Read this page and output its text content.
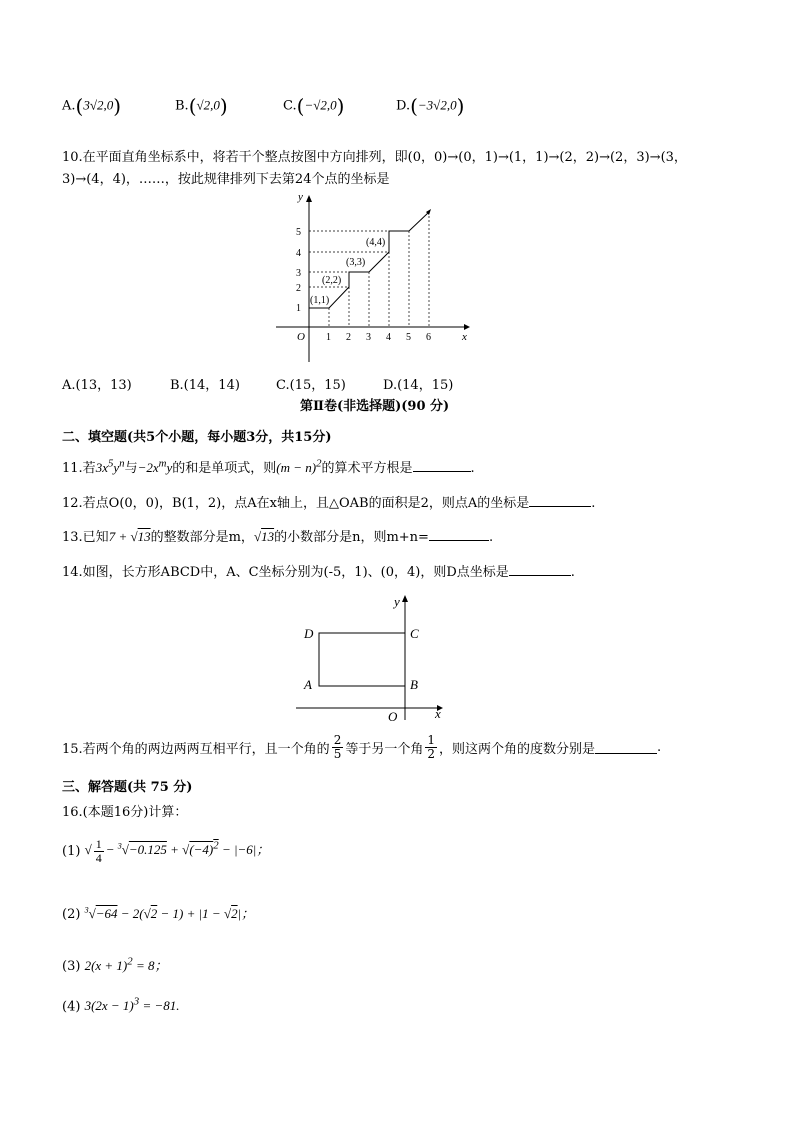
A.(3√2,0)	B.(√2,0)	C.(−√2,0)	D.(−3√2,0)
10.在平面直角坐标系中，将若干个整点按图中方向排列，即(0，0)→(0，1)→(1，1)→(2，2)→(2，3)→(3，
3)→(4，4)，……，按此规律排列下去第24个点的坐标是
x
y
O 1 2 3 4 5 6
1
2
3
4
5
(1,1)
(2,2)
(3,3)
(4,4)
A.(13，13)	B.(14，14)	C.(15，15)	D.(14，15)
第Ⅱ卷(非选择题)(90 分)
二、填空题(共5个小题，每小题3分，共15分)
11.若$3x^5y^n$与$-2x^my$的和是单项式，则$(m - n)^2$的算术平方根是	.
12.若点O(0，0)，B(1，2)，点A在x轴上，且△OAB的面积是2，则点A的坐标是	.
13.已知7 + √13的整数部分是m，√13的小数部分是n，则m+n=	.
14.如图，长方形ABCD中，A、C坐标分别为(-5，1)、(0，4)，则D点坐标是	.
x
y
O
D	C
A	B
15.若两个角的两边两两互相平行，且一个角的 $\frac{2}{5}$ 等于另一个角 $\frac{1}{2}$ ，则这两个角的度数分别是	.
三、解答题(共 75 分)
16.(本题16分)计算：
(1) √ $\frac{1}{4} - ^3√-0.125 + √(-4)^2 - |-6|$；
(2) $^3$√−64 − 2(√2 − 1) + |1 − √2|；
(3) $2(x + 1)^2 = 8$；
(4) $3(2x - 1)^3 = -81$.
